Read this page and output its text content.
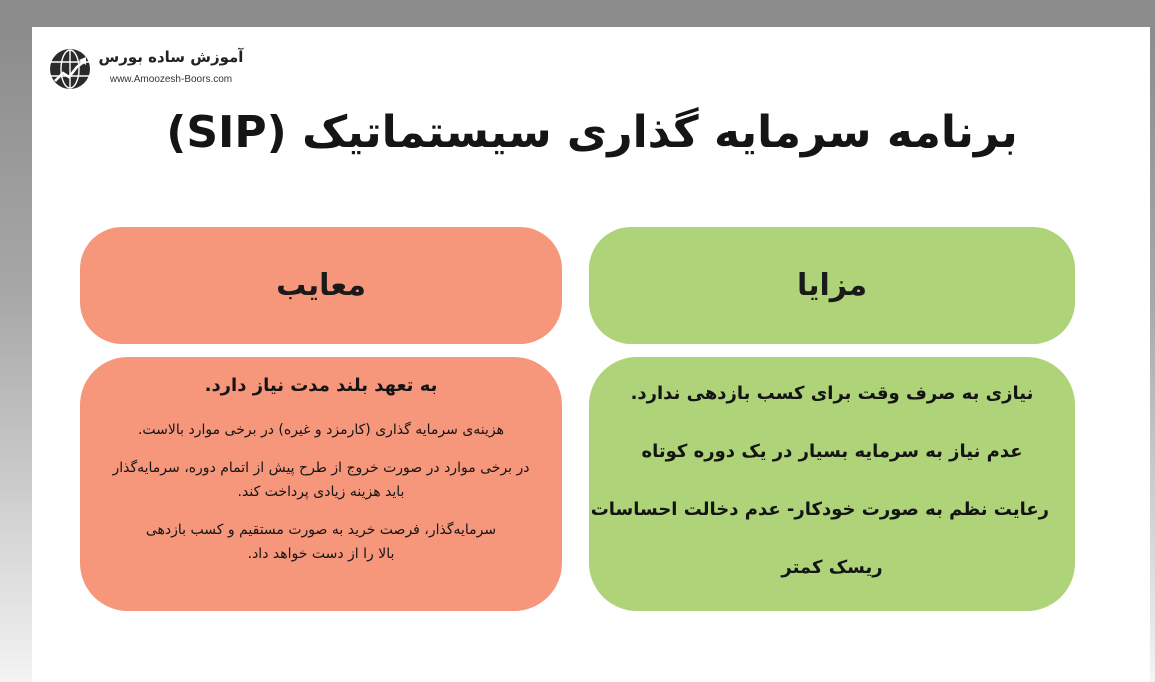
آموزش ساده بورس
www.Amoozesh-Boors.com
برنامه سرمایه گذاری سیستماتیک (SIP)
معایب	مزایا
به تعهد بلند مدت نیاز دارد.
هزینه‌ی سرمایه گذاری (کارمزد و غیره) در برخی موارد بالاست.
در برخی موارد در صورت خروج از طرح پیش از اتمام دوره، سرمایه‌گذار باید هزینه زیادی پرداخت کند.
سرمایه‌گذار، فرصت خرید به صورت مستقیم و کسب بازدهی بالا را از دست خواهد داد.
نیازی به صرف وقت برای کسب بازدهی ندارد.
عدم نیاز به سرمایه بسیار در یک دوره کوتاه
رعایت نظم به صورت خودکار- عدم دخالت احساسات
ریسک کمتر
